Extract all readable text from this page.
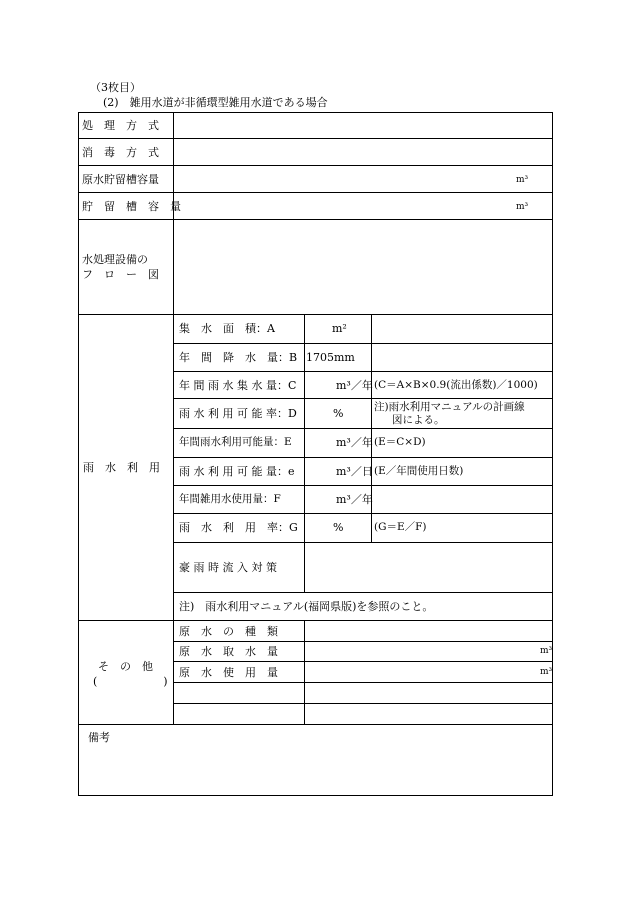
（3枚目）
(2)　雑用水道が非循環型雑用水道である場合
処　理　方　式
消　毒　方　式
原水貯留槽容量	m³
貯　留　槽　容　量	m³
水処理設備の
フ　ロ　ー　図
雨　水　利　用
集　水　面　積：A	m²
年　間　降　水　量：B 1705mm
年 間 雨 水 集 水 量：C	m³／年 (C＝A×B×0.9(流出係数)／1000)
雨 水 利 用 可 能 率：D	%	注)雨水利用マニュアルの計画線
図による。
年間雨水利用可能量：E	m³／年 (E＝C×D)
雨 水 利 用 可 能 量：e	m³／日 (E／年間使用日数)
年間雑用水使用量：F	m³／年
雨　水　利　用　率：G	%	(G＝E／F)
豪 雨 時 流 入 対 策
注)　雨水利用マニュアル(福岡県版)を参照のこと。
そ　の　他
(　　　　　　)
原　水　の　種　類
原　水　取　水　量	m³
原　水　使　用　量	m³
備考
